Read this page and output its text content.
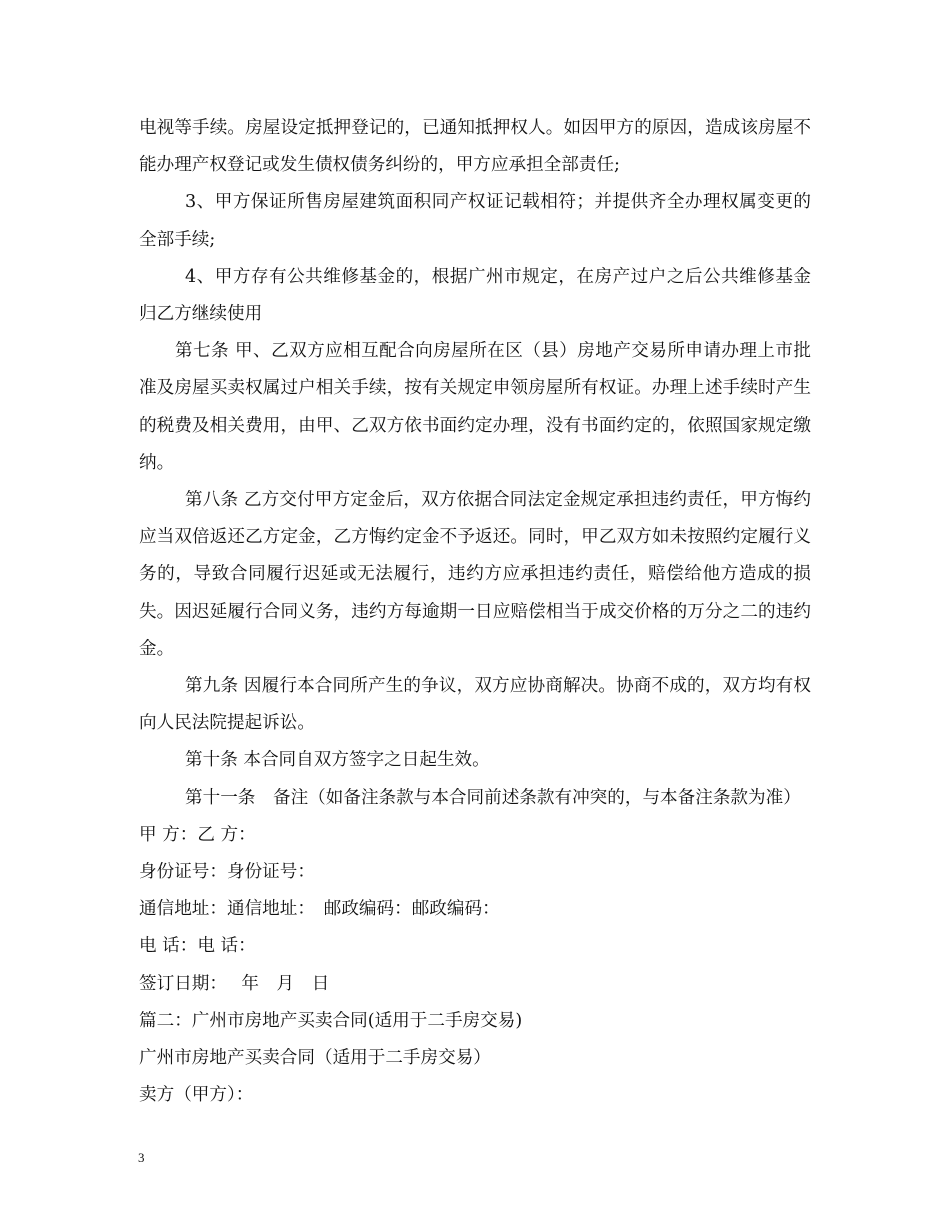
电视等手续。房屋设定抵押登记的，已通知抵押权人。如因甲方的原因，造成该房屋不能办理产权登记或发生债权债务纠纷的，甲方应承担全部责任;

3、甲方保证所售房屋建筑面积同产权证记载相符；并提供齐全办理权属变更的全部手续;

4、甲方存有公共维修基金的，根据广州市规定，在房产过户之后公共维修基金归乙方继续使用

第七条 甲、乙双方应相互配合向房屋所在区（县）房地产交易所申请办理上市批准及房屋买卖权属过户相关手续，按有关规定申领房屋所有权证。办理上述手续时产生的税费及相关费用，由甲、乙双方依书面约定办理，没有书面约定的，依照国家规定缴纳。

第八条 乙方交付甲方定金后，双方依据合同法定金规定承担违约责任，甲方悔约应当双倍返还乙方定金，乙方悔约定金不予返还。同时，甲乙双方如未按照约定履行义务的，导致合同履行迟延或无法履行，违约方应承担违约责任，赔偿给他方造成的损失。因迟延履行合同义务，违约方每逾期一日应赔偿相当于成交价格的万分之二的违约金。

第九条 因履行本合同所产生的争议，双方应协商解决。协商不成的，双方均有权向人民法院提起诉讼。

第十条 本合同自双方签字之日起生效。

第十一条　备注（如备注条款与本合同前述条款有冲突的，与本备注条款为准）

甲 方：乙 方：

身份证号：身份证号：

通信地址：通信地址：　邮政编码：邮政编码：

电 话：电 话：

签订日期：　 年　月　日

篇二：广州市房地产买卖合同(适用于二手房交易)

广州市房地产买卖合同（适用于二手房交易）

卖方（甲方）：

3
